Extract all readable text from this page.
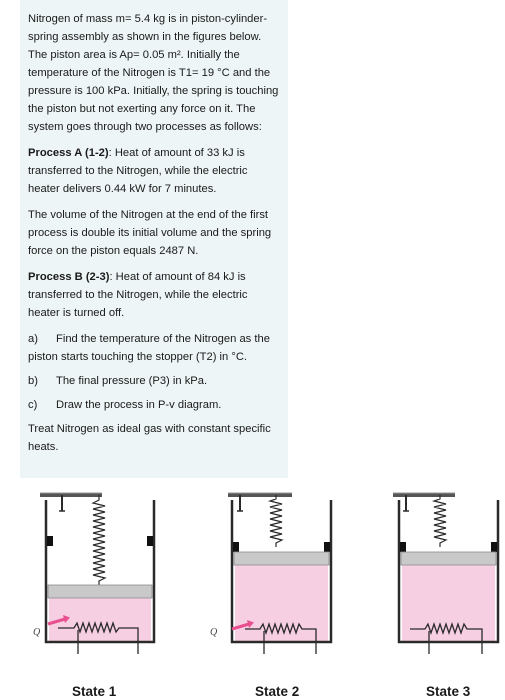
Nitrogen of mass m= 5.4 kg is in piston-cylinder-spring assembly as shown in the figures below. The piston area is Ap= 0.05 m². Initially the temperature of the Nitrogen is T1= 19 °C and the pressure is 100 kPa. Initially, the spring is touching the piston but not exerting any force on it. The system goes through two processes as follows:

Process A (1-2): Heat of amount of 33 kJ is transferred to the Nitrogen, while the electric heater delivers 0.44 kW for 7 minutes.

The volume of the Nitrogen at the end of the first process is double its initial volume and the spring force on the piston equals 2487 N.

Process B (2-3): Heat of amount of 84 kJ is transferred to the Nitrogen, while the electric heater is turned off.

a) Find the temperature of the Nitrogen as the piston starts touching the stopper (T2) in °C.

b) The final pressure (P3) in kPa.

c) Draw the process in P-v diagram.

Treat Nitrogen as ideal gas with constant specific heats.

Q	Q
State 1	State 2	State 3
